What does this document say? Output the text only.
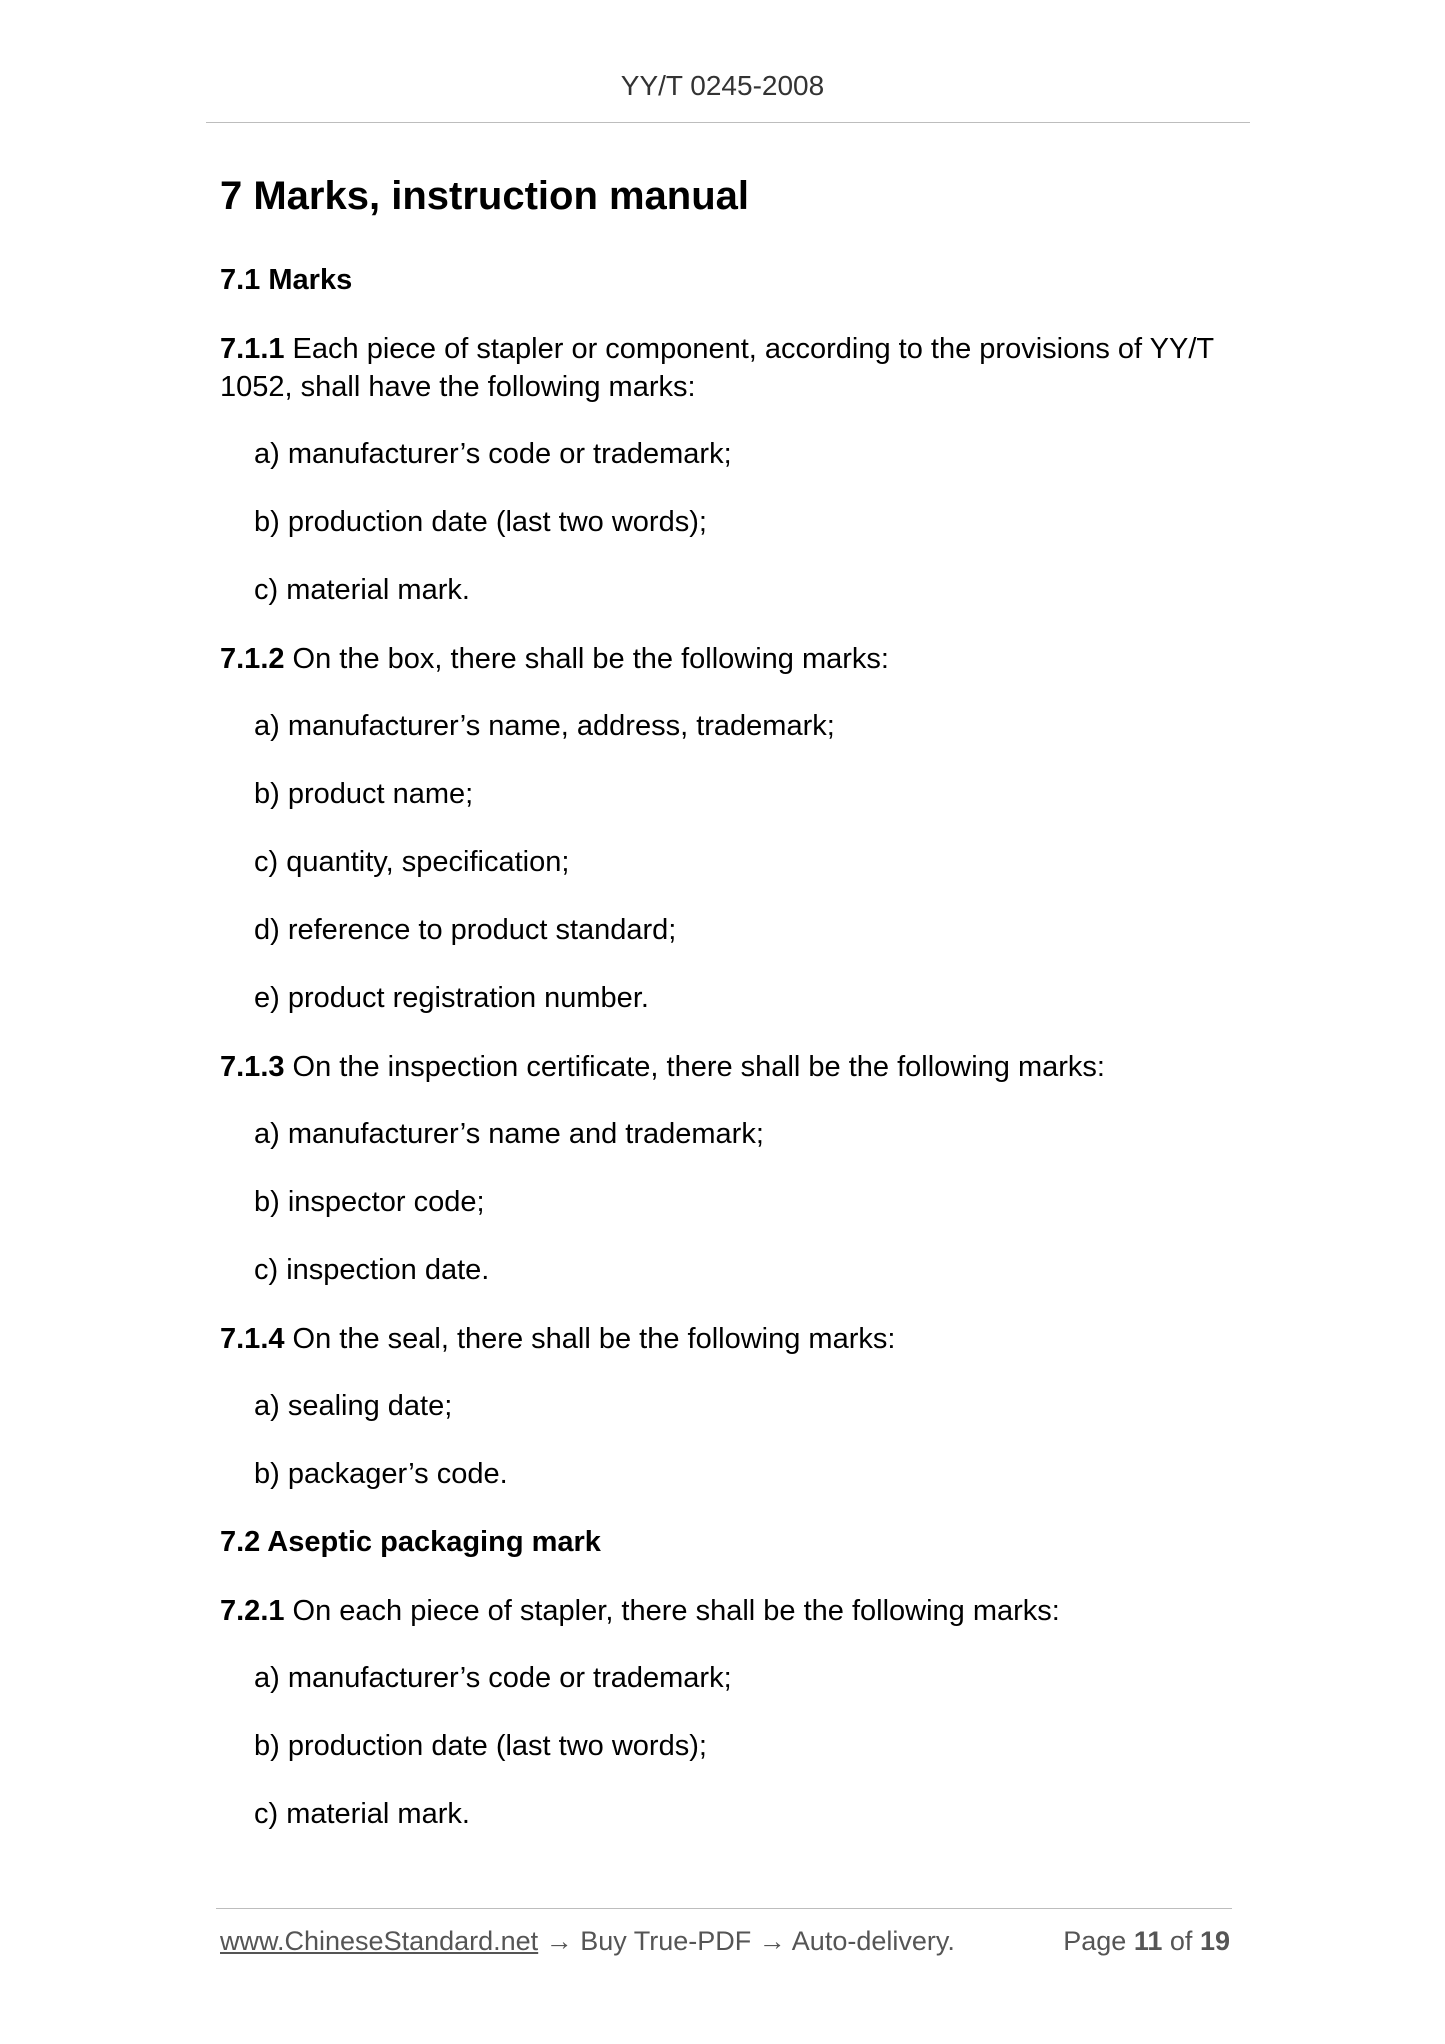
YY/T 0245-2008
7 Marks, instruction manual
7.1 Marks
7.1.1 Each piece of stapler or component, according to the provisions of YY/T 1052, shall have the following marks:
a) manufacturer’s code or trademark;
b) production date (last two words);
c) material mark.
7.1.2 On the box, there shall be the following marks:
a) manufacturer’s name, address, trademark;
b) product name;
c) quantity, specification;
d) reference to product standard;
e) product registration number.
7.1.3 On the inspection certificate, there shall be the following marks:
a) manufacturer’s name and trademark;
b) inspector code;
c) inspection date.
7.1.4 On the seal, there shall be the following marks:
a) sealing date;
b) packager’s code.
7.2 Aseptic packaging mark
7.2.1 On each piece of stapler, there shall be the following marks:
a) manufacturer’s code or trademark;
b) production date (last two words);
c) material mark.
www.ChineseStandard.net → Buy True-PDF → Auto-delivery.	Page 11 of 19
